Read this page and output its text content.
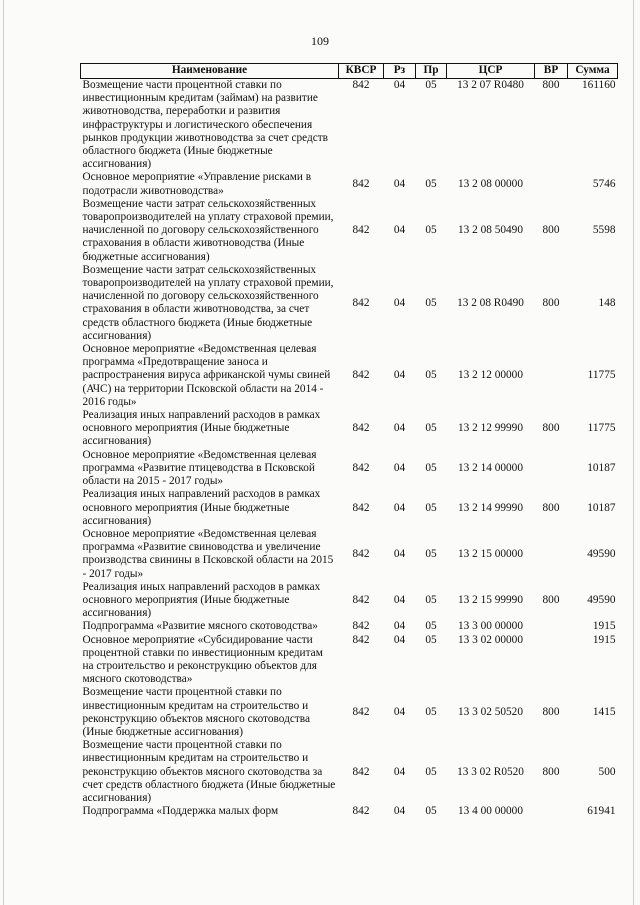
109
Наименование	КВСР	Рз	Пр	ЦСР	ВР	Сумма
Возмещение части процентной ставки по инвестиционным кредитам (займам) на развитие животноводства, переработки и развития инфраструктуры и логистического обеспечения рынков продукции животноводства за счет средств областного бюджета (Иные бюджетные ассигнования)	842	04	05	13 2 07 R0480	800	161160
Основное мероприятие «Управление рисками в подотрасли животноводства»	842	04	05	13 2 08 00000		5746
Возмещение части затрат сельскохозяйственных товаропроизводителей на уплату страховой премии, начисленной по договору сельскохозяйственного страхования в области животноводства (Иные бюджетные ассигнования)	842	04	05	13 2 08 50490	800	5598
Возмещение части затрат сельскохозяйственных товаропроизводителей на уплату страховой премии, начисленной по договору сельскохозяйственного страхования в области животноводства, за счет средств областного бюджета (Иные бюджетные ассигнования)	842	04	05	13 2 08 R0490	800	148
Основное мероприятие «Ведомственная целевая программа «Предотвращение заноса и распространения вируса африканской чумы свиней (АЧС) на территории Псковской области на 2014 - 2016 годы»	842	04	05	13 2 12 00000		11775
Реализация иных направлений расходов в рамках основного мероприятия (Иные бюджетные ассигнования)	842	04	05	13 2 12 99990	800	11775
Основное мероприятие «Ведомственная целевая программа «Развитие птицеводства в Псковской области на 2015 - 2017 годы»	842	04	05	13 2 14 00000		10187
Реализация иных направлений расходов в рамках основного мероприятия (Иные бюджетные ассигнования)	842	04	05	13 2 14 99990	800	10187
Основное мероприятие «Ведомственная целевая программа «Развитие свиноводства и увеличение производства свинины в Псковской области на 2015 - 2017 годы»	842	04	05	13 2 15 00000		49590
Реализация иных направлений расходов в рамках основного мероприятия (Иные бюджетные ассигнования)	842	04	05	13 2 15 99990	800	49590
Подпрограмма «Развитие мясного скотоводства»	842	04	05	13 3 00 00000		1915
Основное мероприятие «Субсидирование части процентной ставки по инвестиционным кредитам на строительство и реконструкцию объектов для мясного скотоводства»	842	04	05	13 3 02 00000		1915
Возмещение части процентной ставки по инвестиционным кредитам на строительство и реконструкцию объектов мясного скотоводства (Иные бюджетные ассигнования)	842	04	05	13 3 02 50520	800	1415
Возмещение части процентной ставки по инвестиционным кредитам на строительство и реконструкцию объектов мясного скотоводства за счет средств областного бюджета (Иные бюджетные ассигнования)	842	04	05	13 3 02 R0520	800	500
Подпрограмма «Поддержка малых форм	842	04	05	13 4 00 00000		61941
